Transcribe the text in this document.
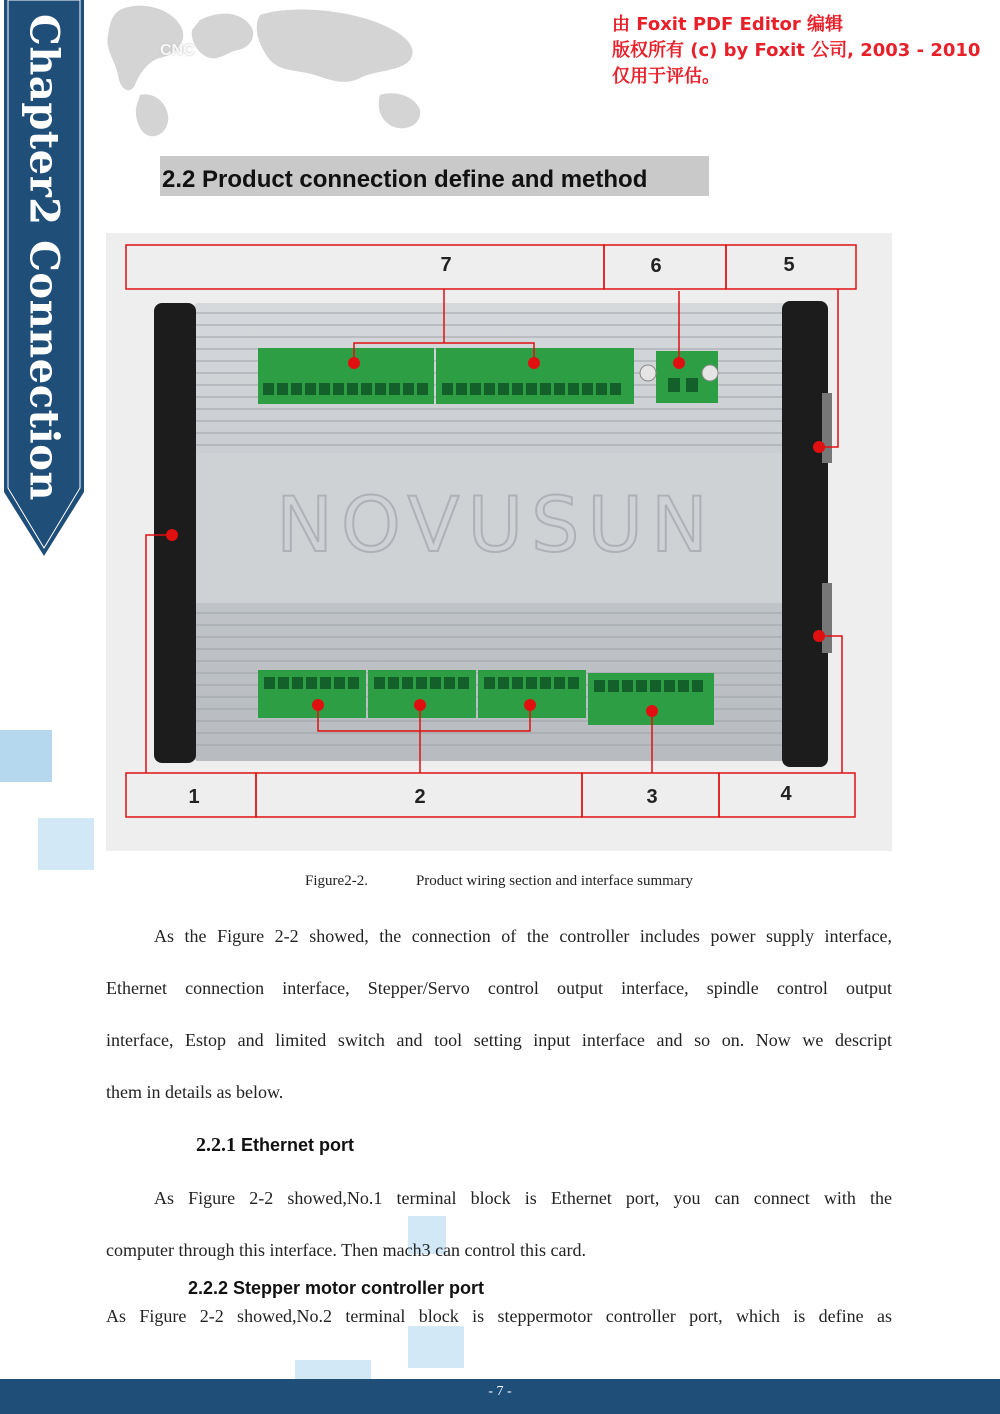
CNC
由 Foxit PDF Editor 编辑
版权所有 (c) by Foxit 公司, 2003 - 2010
仅用于评估。
Chapter2 Connection	2.2 Product connection define and method
NOVUSUN
7	6	5
1	2	3	4
Figure2-2.	Product wiring section and interface summary
As the Figure 2-2 showed, the connection of the controller includes power supply interface,
Ethernet connection interface, Stepper/Servo control output interface, spindle control output
interface, Estop and limited switch and tool setting input interface and so on. Now we descript
them in details as below.
2.2.1 Ethernet port
As Figure 2-2 showed,No.1 terminal block is Ethernet port, you can connect with the
computer through this interface. Then mach3 can control this card.
2.2.2 Stepper motor controller port
As Figure 2-2 showed,No.2 terminal block is steppermotor controller port, which is define as
- 7 -
